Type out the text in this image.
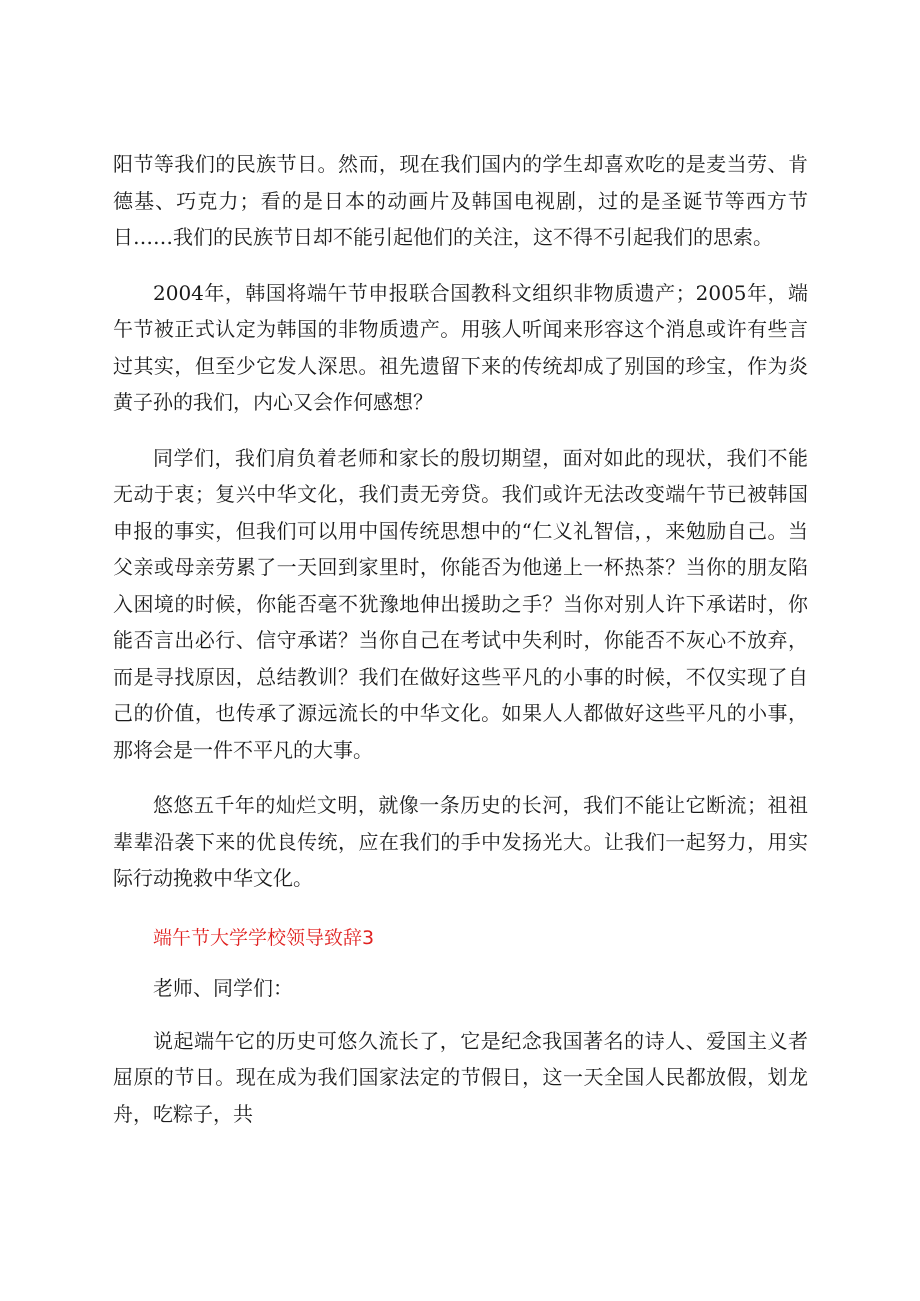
阳节等我们的民族节日。然而，现在我们国内的学生却喜欢吃的是麦当劳、肯德基、巧克力；看的是日本的动画片及韩国电视剧，过的是圣诞节等西方节日……我们的民族节日却不能引起他们的关注，这不得不引起我们的思索。

2004年，韩国将端午节申报联合国教科文组织非物质遗产；2005年，端午节被正式认定为韩国的非物质遗产。用骇人听闻来形容这个消息或许有些言过其实，但至少它发人深思。祖先遗留下来的传统却成了别国的珍宝，作为炎黄子孙的我们，内心又会作何感想？

同学们，我们肩负着老师和家长的殷切期望，面对如此的现状，我们不能无动于衷；复兴中华文化，我们责无旁贷。我们或许无法改变端午节已被韩国申报的事实，但我们可以用中国传统思想中的“仁义礼智信，，来勉励自己。当父亲或母亲劳累了一天回到家里时，你能否为他递上一杯热茶？当你的朋友陷入困境的时候，你能否毫不犹豫地伸出援助之手？当你对别人许下承诺时，你能否言出必行、信守承诺？当你自己在考试中失利时，你能否不灰心不放弃，而是寻找原因，总结教训？我们在做好这些平凡的小事的时候，不仅实现了自己的价值，也传承了源远流长的中华文化。如果人人都做好这些平凡的小事，那将会是一件不平凡的大事。

悠悠五千年的灿烂文明，就像一条历史的长河，我们不能让它断流；祖祖辈辈沿袭下来的优良传统，应在我们的手中发扬光大。让我们一起努力，用实际行动挽救中华文化。

端午节大学学校领导致辞3

老师、同学们：

说起端午它的历史可悠久流长了，它是纪念我国著名的诗人、爱国主义者屈原的节日。现在成为我们国家法定的节假日，这一天全国人民都放假，划龙舟，吃粽子，共
